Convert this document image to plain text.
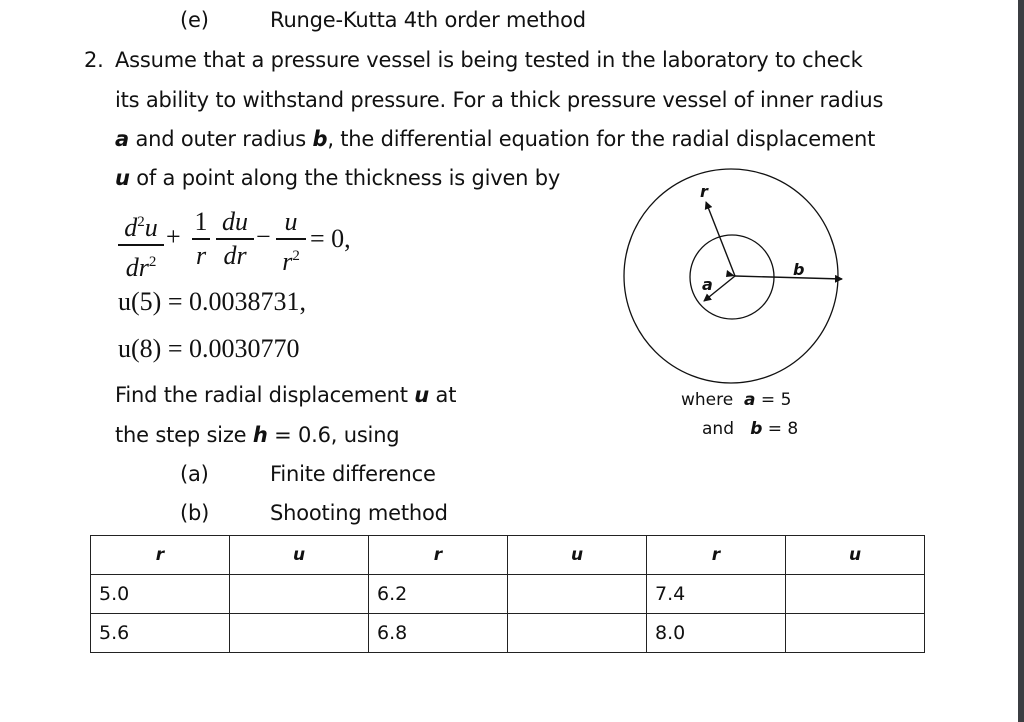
(e)	Runge-Kutta 4th order method
2. Assume that a pressure vessel is being tested in the laboratory to check
its ability to withstand pressure. For a thick pressure vessel of inner radius
a and outer radius b, the differential equation for the radial displacement
u of a point along the thickness is given by
$d^2u$
$dr^2$
+
1
r
du
dr
−
u
$r^2$
= 0,
u(5) = 0.0038731,
u(8) = 0.0030770
Find the radial displacement u at
the step size h = 0.6, using
(a)	Finite difference
(b)	Shooting method
r
a
b
where a = 5
and b = 8
r	u	r	u	r	u
5.0		6.2		7.4	
5.6		6.8		8.0	
